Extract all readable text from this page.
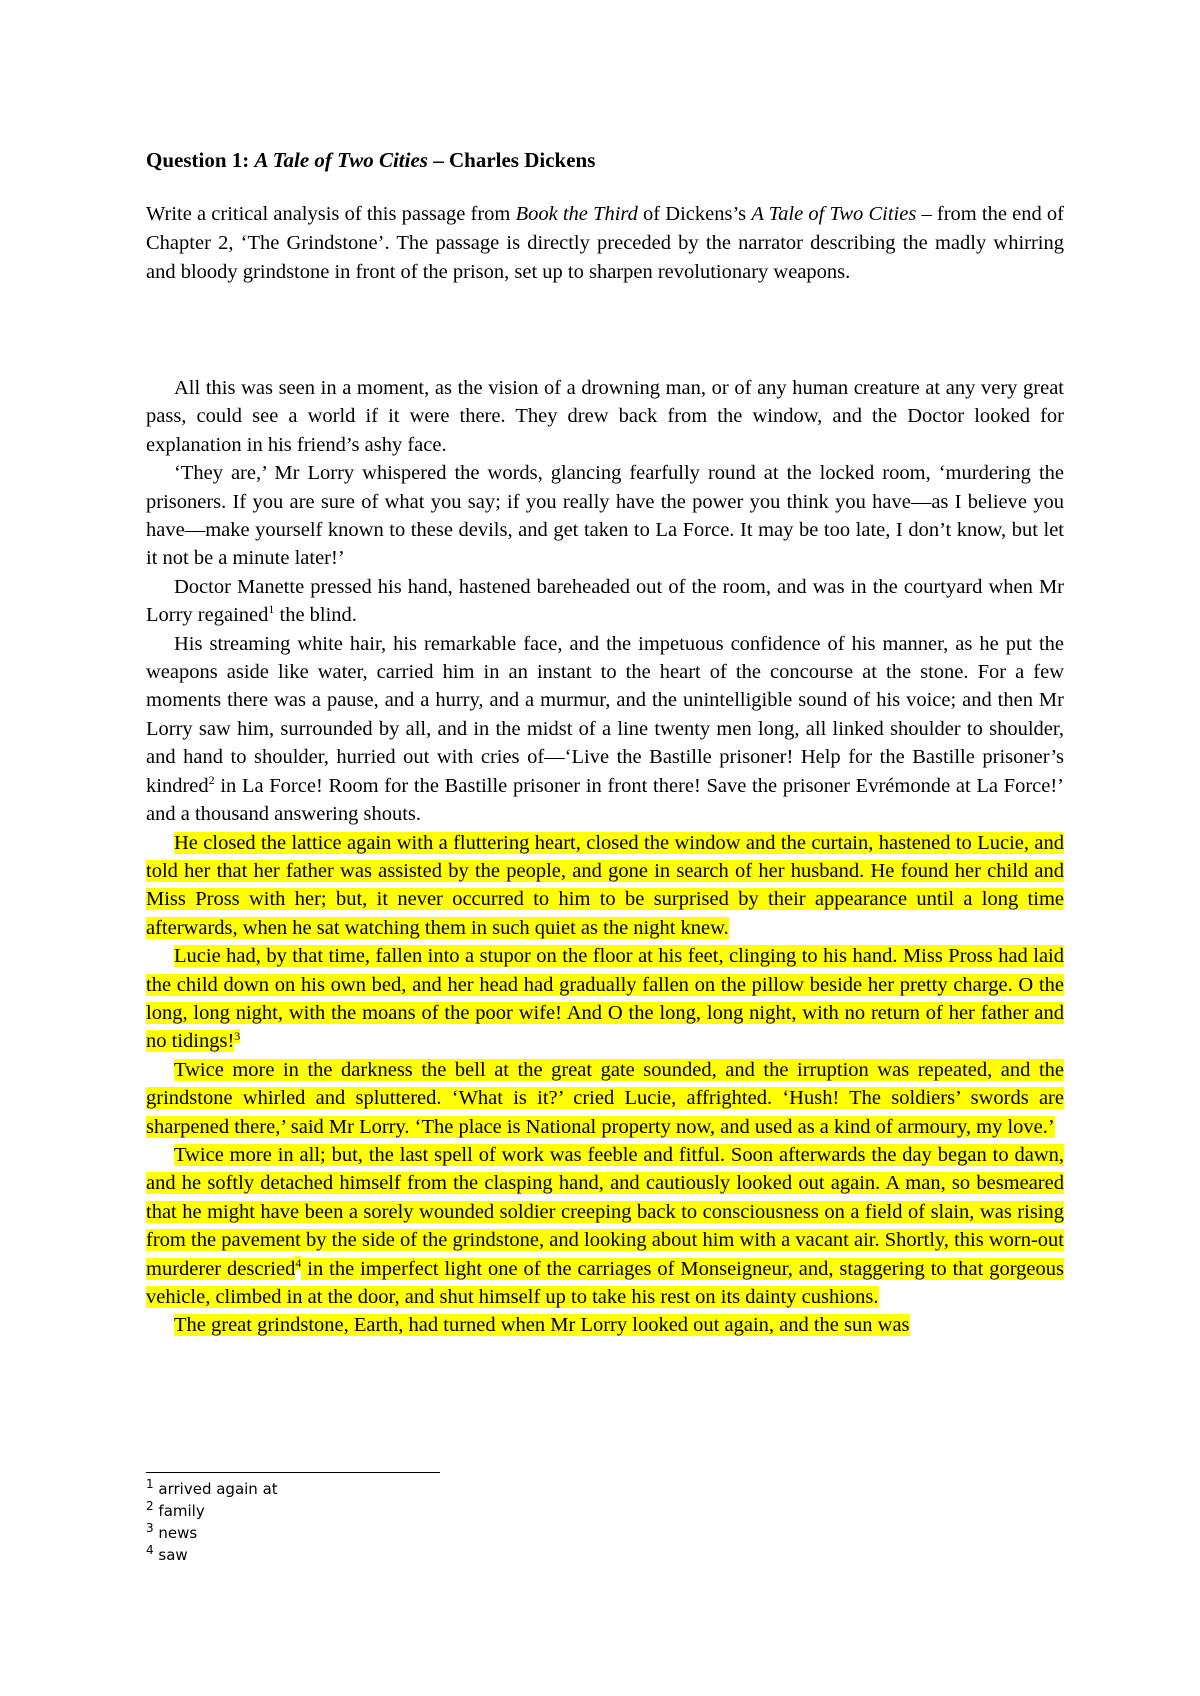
Question 1: A Tale of Two Cities – Charles Dickens
Write a critical analysis of this passage from Book the Third of Dickens’s A Tale of Two Cities – from the end of Chapter 2, ‘The Grindstone’. The passage is directly preceded by the narrator describing the madly whirring and bloody grindstone in front of the prison, set up to sharpen revolutionary weapons.

All this was seen in a moment, as the vision of a drowning man, or of any human creature at any very great pass, could see a world if it were there. They drew back from the window, and the Doctor looked for explanation in his friend’s ashy face.

‘They are,’ Mr Lorry whispered the words, glancing fearfully round at the locked room, ‘murdering the prisoners. If you are sure of what you say; if you really have the power you think you have—as I believe you have—make yourself known to these devils, and get taken to La Force. It may be too late, I don’t know, but let it not be a minute later!’

Doctor Manette pressed his hand, hastened bareheaded out of the room, and was in the courtyard when Mr Lorry regained$^1$ the blind.

His streaming white hair, his remarkable face, and the impetuous confidence of his manner, as he put the weapons aside like water, carried him in an instant to the heart of the concourse at the stone. For a few moments there was a pause, and a hurry, and a murmur, and the unintelligible sound of his voice; and then Mr Lorry saw him, surrounded by all, and in the midst of a line twenty men long, all linked shoulder to shoulder, and hand to shoulder, hurried out with cries of—‘Live the Bastille prisoner! Help for the Bastille prisoner’s kindred$^2$ in La Force! Room for the Bastille prisoner in front there! Save the prisoner Evrémonde at La Force!’ and a thousand answering shouts.

He closed the lattice again with a fluttering heart, closed the window and the curtain, hastened to Lucie, and told her that her father was assisted by the people, and gone in search of her husband. He found her child and Miss Pross with her; but, it never occurred to him to be surprised by their appearance until a long time afterwards, when he sat watching them in such quiet as the night knew.

Lucie had, by that time, fallen into a stupor on the floor at his feet, clinging to his hand. Miss Pross had laid the child down on his own bed, and her head had gradually fallen on the pillow beside her pretty charge. O the long, long night, with the moans of the poor wife! And O the long, long night, with no return of her father and no tidings!$^3$

Twice more in the darkness the bell at the great gate sounded, and the irruption was repeated, and the grindstone whirled and spluttered. ‘What is it?’ cried Lucie, affrighted. ‘Hush! The soldiers’ swords are sharpened there,’ said Mr Lorry. ‘The place is National property now, and used as a kind of armoury, my love.’

Twice more in all; but, the last spell of work was feeble and fitful. Soon afterwards the day began to dawn, and he softly detached himself from the clasping hand, and cautiously looked out again. A man, so besmeared that he might have been a sorely wounded soldier creeping back to consciousness on a field of slain, was rising from the pavement by the side of the grindstone, and looking about him with a vacant air. Shortly, this worn-out murderer descried$^4$ in the imperfect light one of the carriages of Monseigneur, and, staggering to that gorgeous vehicle, climbed in at the door, and shut himself up to take his rest on its dainty cushions.

The great grindstone, Earth, had turned when Mr Lorry looked out again, and the sun was

$^1$ arrived again at
$^2$ family
$^3$ news
$^4$ saw
